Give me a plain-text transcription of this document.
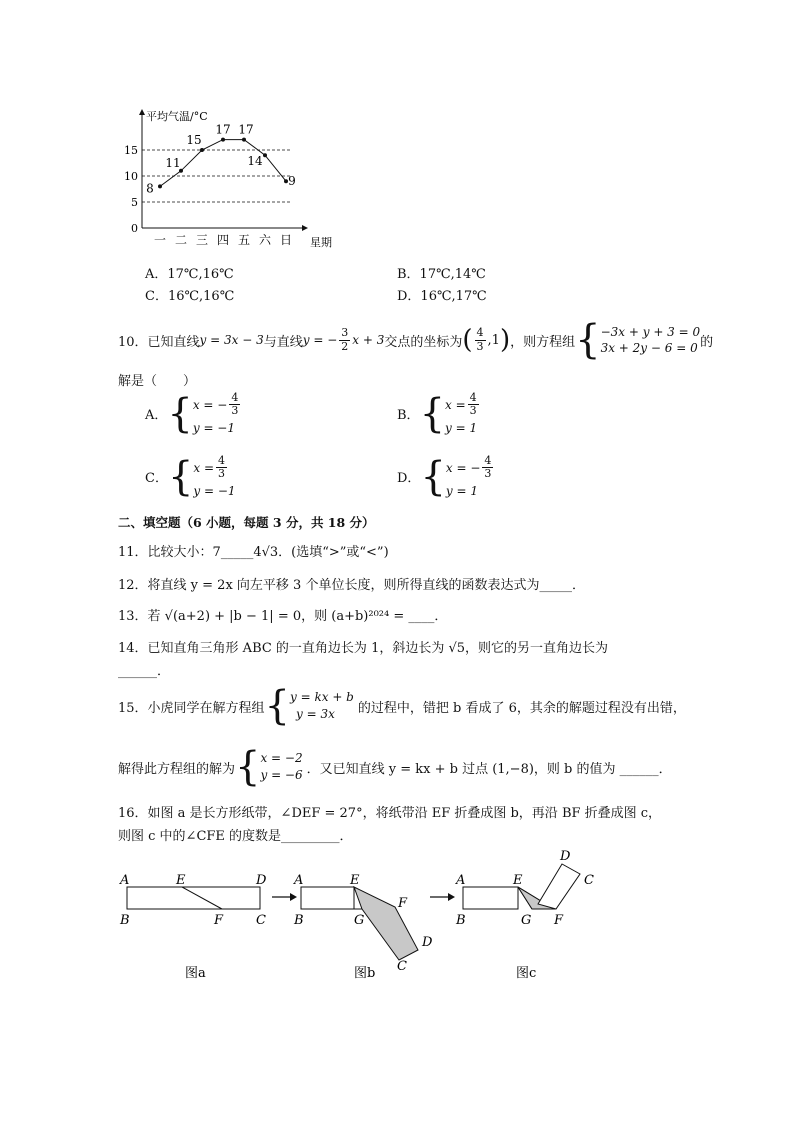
平均气温/°C
星期
0
5
10
15
一 二 三 四 五 六 日
8
11
15
17 17
14
9
A．17℃,16℃	B．17℃,14℃
C．16℃,16℃	D．16℃,17℃
10．已知直线 y = 3x − 3 与直线 y = − $\frac{3}{2}$ x + 3 交点的坐标为 ( $\frac{4}{3} ,1$ ) ，则方程组 { −3x + y + 3 = 0
3x + 2y − 6 = 0 的
解是（　　）
A． { x = − $\frac{4}{3}$
y = −1
B． { $x = \frac{4}{3}$
y = 1
C． { $x = \frac{4}{3}$
y = −1
D． { x = − $\frac{4}{3}$
y = 1
二、填空题（6 小题，每题 3 分，共 18 分）
11．比较大小：7_____4√3．(选填“>”或“<”)
12．将直线 y = 2x 向左平移 3 个单位长度，则所得直线的函数表达式为_____．
13．若 √(a+2) + |b − 1| = 0，则 (a+b)²⁰²⁴ = ____．
14．已知直角三角形 ABC 的一直角边长为 1，斜边长为 √5，则它的另一直角边长为
______．
15．小虎同学在解方程组 { y = kx + b
y = 3x	的过程中，错把 b 看成了 6，其余的解题过程没有出错，
解得此方程组的解为 { x = −2
y = −6 ．又已知直线 y = kx + b 过点 (1,−8)，则 b 的值为 ______．
16．如图 a 是长方形纸带，∠DEF = 27°，将纸带沿 EF 折叠成图 b，再沿 BF 折叠成图 c，
则图 c 中的∠CFE 的度数是_________．
A	E	D
B	F	C
图a
A	E
F
B	G
D
C
图b
A	E
D
C
B	G F
图c
